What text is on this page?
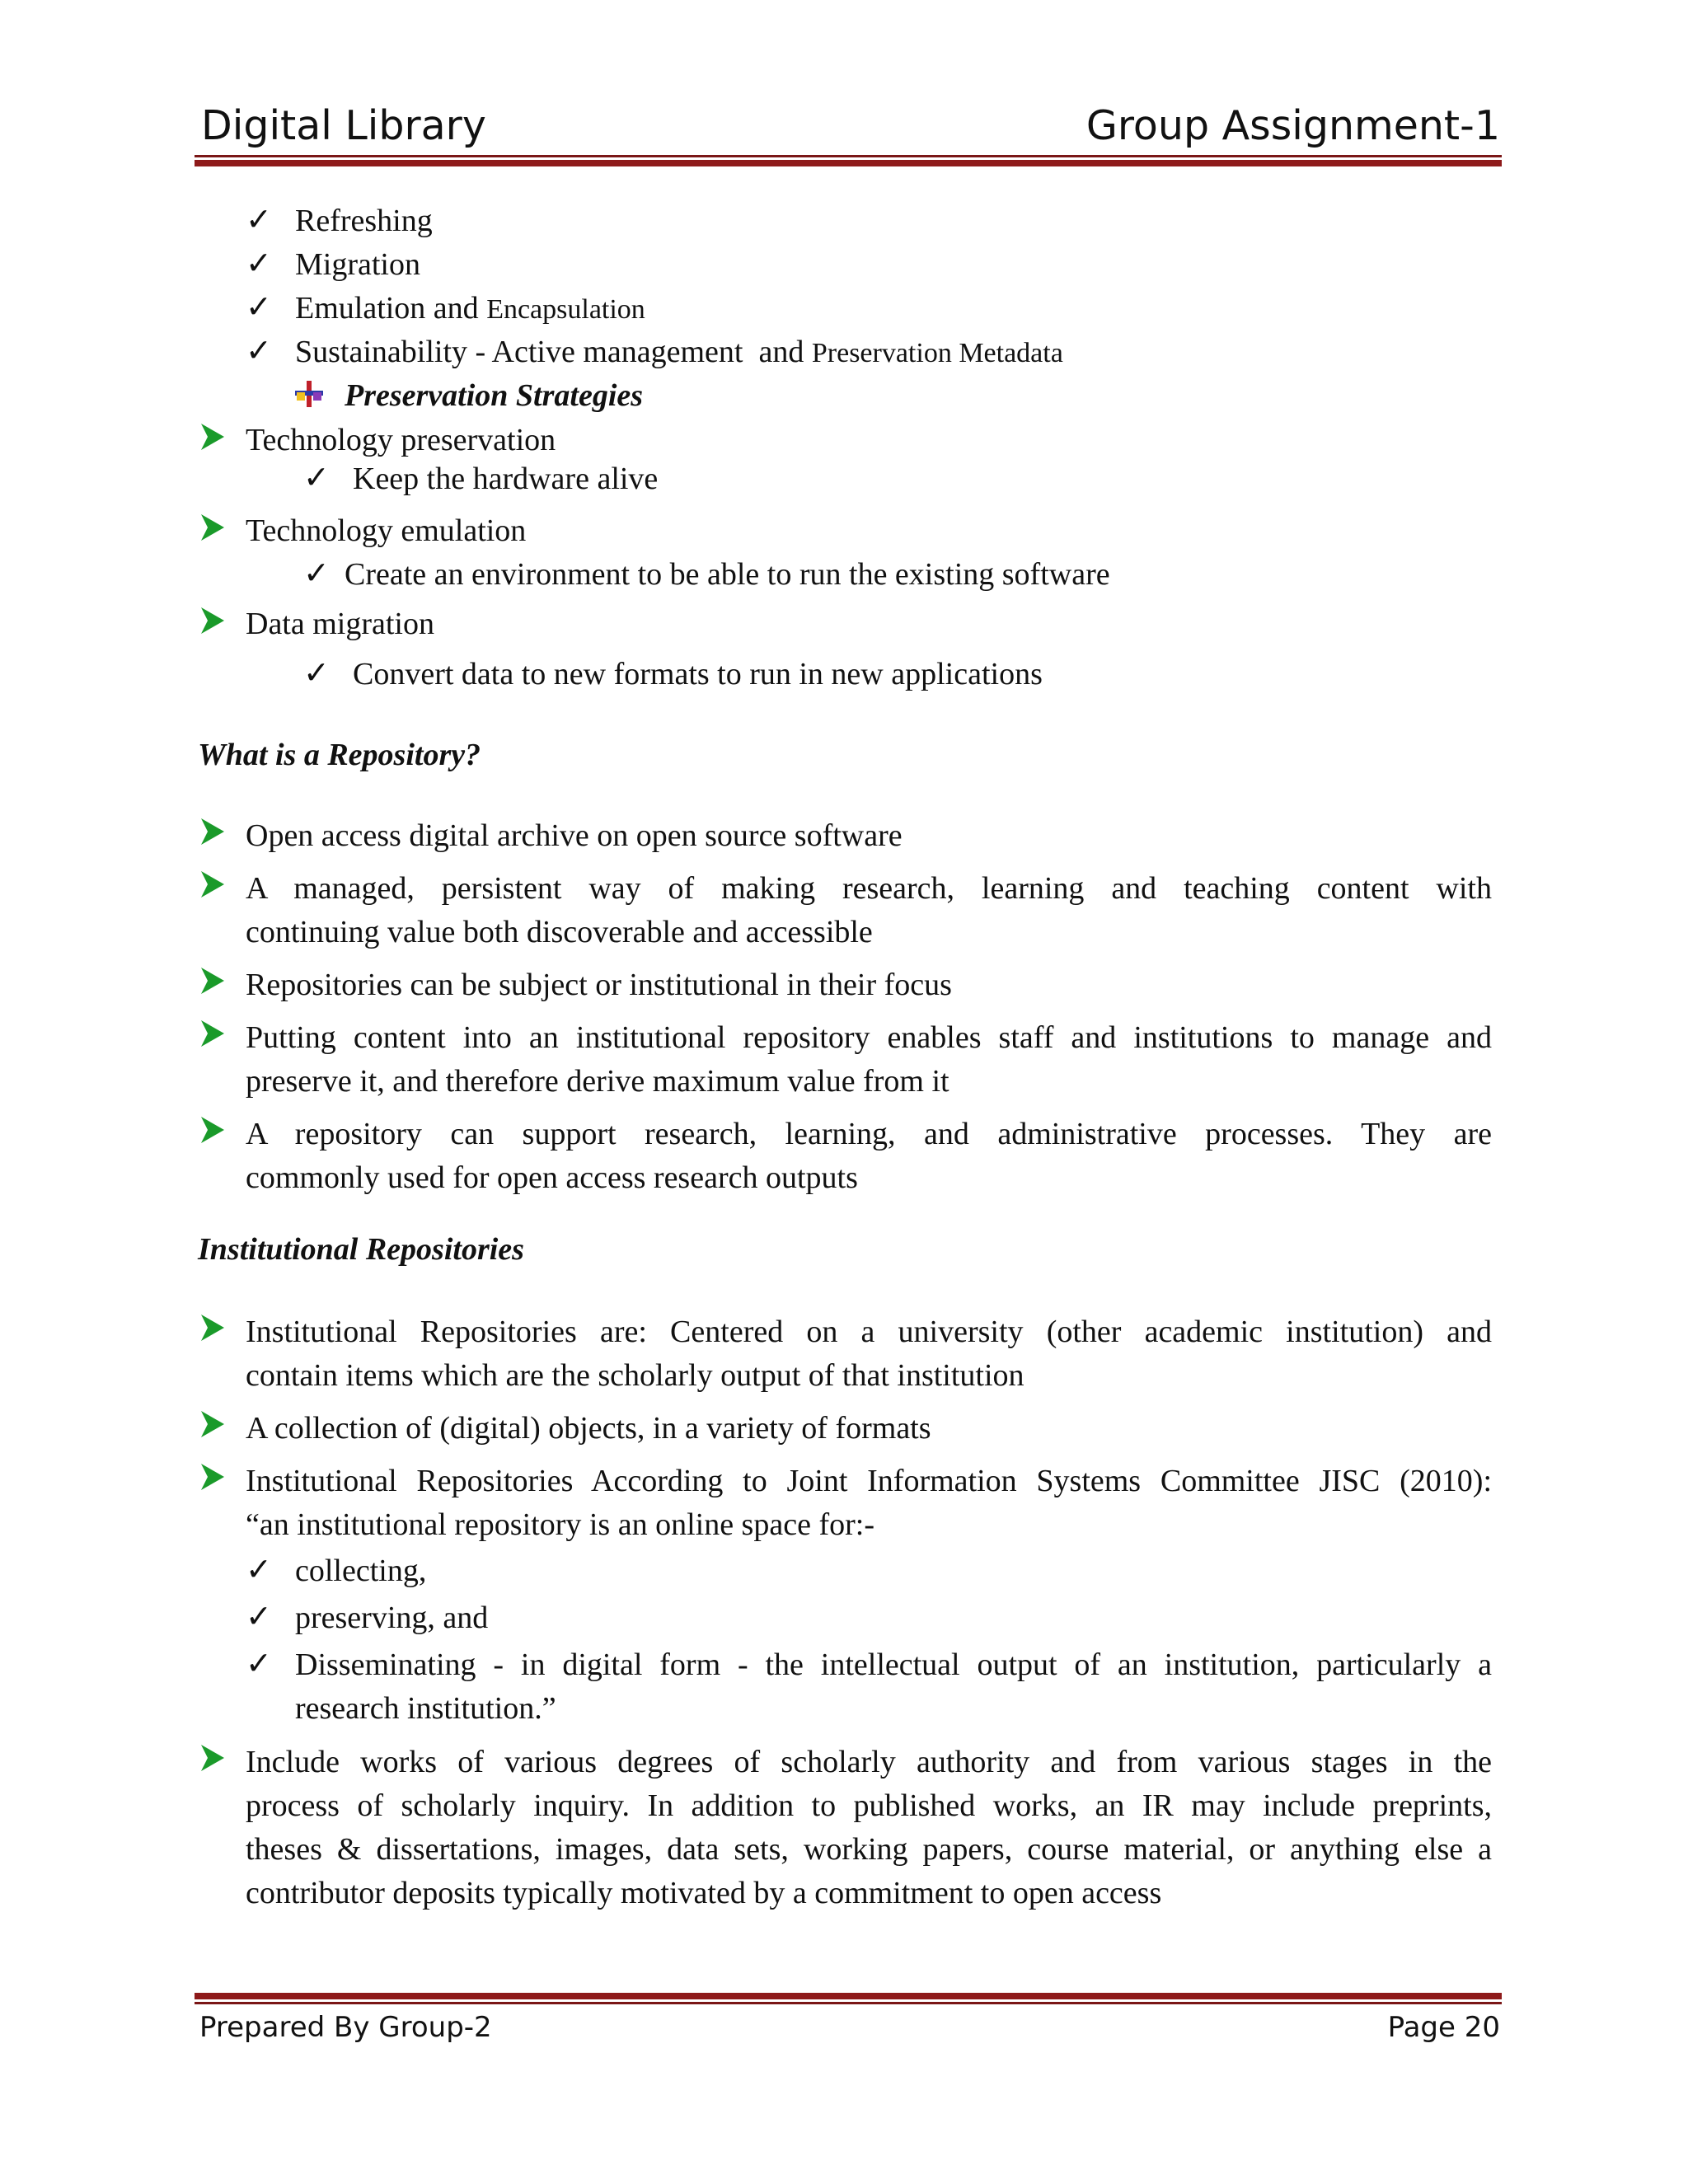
Digital Library	Group Assignment-1
✓ Refreshing
✓ Migration
✓ Emulation and Encapsulation
✓ Sustainability - Active management and Preservation Metadata
Preservation Strategies
Technology preservation
✓ Keep the hardware alive
Technology emulation
✓ Create an environment to be able to run the existing software
Data migration
✓ Convert data to new formats to run in new applications
What is a Repository?
Open access digital archive on open source software
A managed, persistent way of making research, learning and teaching content with
continuing value both discoverable and accessible
Repositories can be subject or institutional in their focus
Putting content into an institutional repository enables staff and institutions to manage and
preserve it, and therefore derive maximum value from it
A repository can support research, learning, and administrative processes. They are
commonly used for open access research outputs
Institutional Repositories
Institutional Repositories are: Centered on a university (other academic institution) and
contain items which are the scholarly output of that institution
A collection of (digital) objects, in a variety of formats
Institutional Repositories According to Joint Information Systems Committee JISC (2010):
“an institutional repository is an online space for:-
✓ collecting,
✓ preserving, and
✓ Disseminating - in digital form - the intellectual output of an institution, particularly a
research institution.”
Include works of various degrees of scholarly authority and from various stages in the
process of scholarly inquiry. In addition to published works, an IR may include preprints,
theses & dissertations, images, data sets, working papers, course material, or anything else a
contributor deposits typically motivated by a commitment to open access
Prepared By Group-2	Page 20
